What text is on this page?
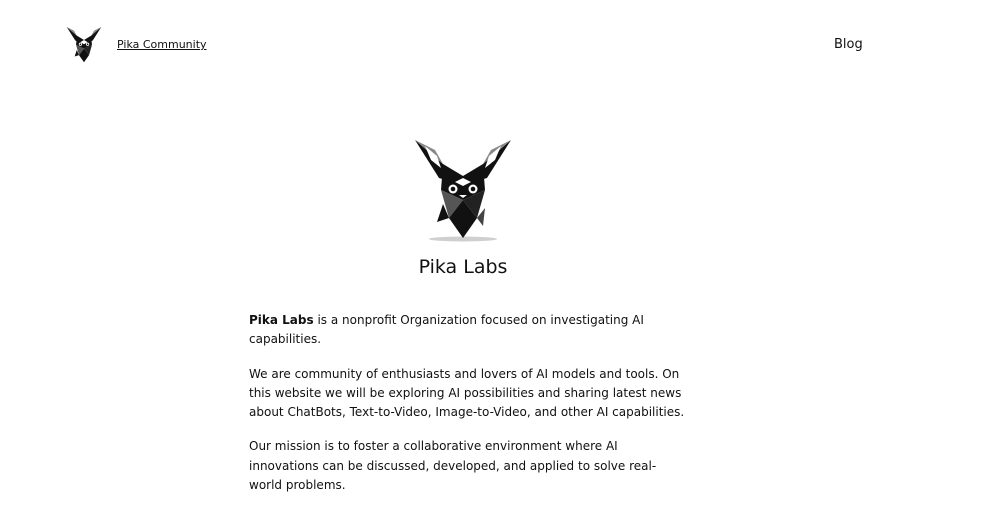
Pika Community	Blog
Pika Labs

Pika Labs is a nonprofit Organization focused on investigating AI capabilities.

We are community of enthusiasts and lovers of AI models and tools. On this website we will be exploring AI possibilities and sharing latest news about ChatBots, Text-to-Video, Image-to-Video, and other AI capabilities.

Our mission is to foster a collaborative environment where AI innovations can be discussed, developed, and applied to solve real-world problems.
